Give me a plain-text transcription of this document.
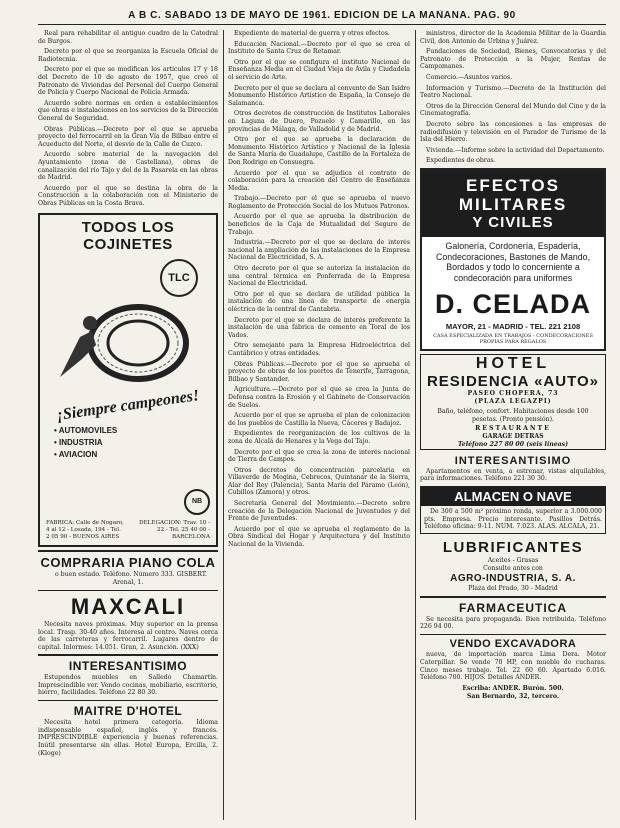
A B C. SABADO 13 DE MAYO DE 1961. EDICION DE LA MAÑANA. PAG. 90

Real para rehabilitar el antiguo cuadro de la Catedral de Burgos.

Decreto por el que se reorganiza la Escuela Oficial de Radiotecnia.

Decreto por el que se modifican los artículos 17 y 18 del Decreto de 10 de agosto de 1957, que creó el Patronato de Viviendas del Personal del Cuerpo General de Policía y Cuerpo Nacional de Policía Armada.

Acuerdo sobre normas en orden a establecimientos que obras e instalaciones en los servicios de la Dirección General de Seguridad.

Obras Públicas.—Decreto por el que se aprueba proyecto del ferrocarril en la Gran Vía de Bilbao entre el Acueducto del Norte, el desvío de la Calle de Cuzco.

Acuerdo sobre material de la navegación del Ayuntamiento (zona de Castellana), obras de canalización del río Tajo y del de la Pasarela en las obras de Madrid.

Acuerdo por el que se destina la obra de la Construcción a la colaboración con el Ministerio de Obras Públicas en la Costa Brava.

TODOS LOS COJINETES
TLC
¡Siempre campeones!
• AUTOMOVILES
• INDUSTRIA
• AVIACION
NB
FABRICA: Calle de Nogaro, 4 al 12 - Losada, 194 - Tel. 2 05 90 - BUENOS AIRES
DELEGACION: Trav. 10 - 22 - Tel. 25 40 00 - BARCELONA
COMPRARIA PIANO COLA

o buen estado. Teléfono. Número 333. GISBERT. Arenal, 1.

MAXCALI

Necesita naves próximas. Muy superior en la prensa local. Trasp. 30-40 años. Interesa al centro. Naves cerca de las carreteras y ferrocarril. Lugares dentro de capital. Inlormes: 14.051. Gran, 2. Asunción. (XXX)

INTERESANTISIMO

Estupendos muebles en Salledo Chamartín. Imprescindible ver. Vendo cocinas, mobiliario, escritorio, hierro, facilidades. Teléfono 22 80 30.

MAITRE D'HOTEL

Necesita hotel primera categoría. Idioma indispensable español, inglés y francés. IMPRESCINDIBLE experiencia y buenas referencias. Inútil presentarse sin ellas. Hotel Europa, Ercilla, 2. (Kloge)

Expediente de material de guerra y otros efectos.

Educación Nacional.—Decreto por el que se crea el Instituto de Santa Cruz de Retamar.

Otro por el que se configura el instituto Nacional de Enseñanza Media en el Ciudad Vieja de Ávila y Ciudadela el servicio de Arte.

Decreto por el que se declara al convento de San Isidro Monumento Histórico Artístico de España, la Consejo de Salamanca.

Otros decretos de construcción de Institutos Laborales en Laguna de Duero, Pozuelo y Camarillo, en las provincias de Málaga, de Valladolid y de Madrid.

Otro por el que se aprueba la declaración de Monumento Histórico Artístico y Nacional de la Iglesia de Santa María de Guadalupe, Castillo de la Fortaleza de Don Rodrigo en Consuegra.

Acuerdo por el que se adjudica el contrato de colaboración para la creación del Centro de Enseñanza Media.

Trabajo.—Decreto por el que se aprueba el nuevo Reglamento de Protección Social de los Mutuos Patronos.

Acuerdo por el que se aprueba la distribución de beneficios de la Caja de Mutualidad del Seguro de Trabajo.

Industria.—Decreto por el que se declara de interés nacional la ampliación de las instalaciones de la Empresa Nacional de Electricidad, S. A.

Otro decreto por el que se autoriza la instalación de una central térmica en Ponferrada de la Empresa Nacional de Electricidad.

Otro por el que se declara de utilidad pública la instalación de una línea de transporte de energía eléctrica de la central de Cantabria.

Decreto por el que se declara de interés preferente la instalación de una fábrica de cemento en Toral de los Vados.

Otro semejante para la Empresa Hidroeléctrica del Cantábrico y otras entidades.

Obras Públicas.—Decreto por el que se aprueba el proyecto de obras de los puertos de Tenerife, Tarragona, Bilbao y Santander.

Agricultura.—Decreto por el que se crea la Junta de Defensa contra la Erosión y el Gabinete de Conservación de Suelos.

Acuerdo por el que se aprueba el plan de colonización de los pueblos de Castilla la Nueva, Cáceres y Badajoz.

Expedientes de reorganización de los cultivos de la zona de Alcalá de Henares y la Vega del Tajo.

Decreto por el que se crea la zona de interés nacional de Tierra de Campos.

Otros decretos de concentración parcelaria en Villaverde de Mogina, Cebrecos, Quintanar de la Sierra, Alar del Rey (Palencia), Santa María del Páramo (León), Cubillos (Zamora) y otros.

Secretaría General del Movimiento.—Decreto sobre creación de la Delegación Nacional de Juventudes y del Frente de Juventudes.

Acuerdo por el que se aprueba el reglamento de la Obra Sindical del Hogar y Arquitectura y del Instituto Nacional de la Vivienda.

ministros, director de la Academia Militar de la Guardia Civil, don Antonio de Urbina y Juárez.

Fundaciones de Sociedad, Bienes, Convocatorias y del Patronato de Protección a la Mujer, Rentas de Campomanes.

Comercio.—Asuntos varios.

Información y Turismo.—Decreto de la Institución del Teatro Nacional.

Otros de la Dirección General del Mundo del Cine y de la Cinematografía.

Decreto sobre las concesiones a las empresas de radiodifusión y televisión en el Parador de Turismo de la Isla del Hierro.

Vivienda.—Informe sobre la actividad del Departamento.

Expedientes de obras.

EFECTOS
MILITARES
Y CIVILES
Galonería, Cordonería, Espadería, Condecoraciones, Bastones de Mando, Bordados y todo lo concerniente a condecoración para uniformes
D. CELADA
MAYOR, 21 - MADRID - TEL. 221 2108
CASA ESPECIALIZADA EN TRABAJOS - CONDECORACIONES PROPIAS PARA REGALOS
HOTEL
RESIDENCIA «AUTO»
PASEO CHOPERA, 73
(PLAZA LEGAZPI)
Baño, teléfono, confort. Habitaciones desde 100 pesetas. (Pronto pensión).
RESTAURANTE
GARAGE DETRAS
Teléfono 227 80 00 (seis líneas)
INTERESANTISIMO

Apartamentos en venta, a estrenar, vistas alquilables, para informaciones. Teléfono 221 30 30.

ALMACEN O NAVE

De 300 a 500 m² próximo ronda, superior a 3.000.000 pts. Empresa. Precio interesante. Pasillos Detrás. Teléfono oficina: 9-11. NUM. 7.023. ALAS. ALCALA, 21.

LUBRIFICANTES
Aceites - Grasas
Consulte antes con
AGRO-INDUSTRIA, S. A.
Plaza del Prado, 30 - Madrid
FARMACEUTICA

Se necesita para propaganda. Bien retribuida. Teléfono 226 94 00.

VENDO EXCAVADORA

nueva, de importación marca Lima Dera. Motor Caterpillar. Se vende 70 HP, con mueble de cucharas. Cinco meses trabajo. Tel. 22 60 60. Apartado 6.016. Teléfono 700. HIJOS. Detalles ANDER.

Escriba: ANDER. Burón. 500.
San Bernardo, 32, tercero.
